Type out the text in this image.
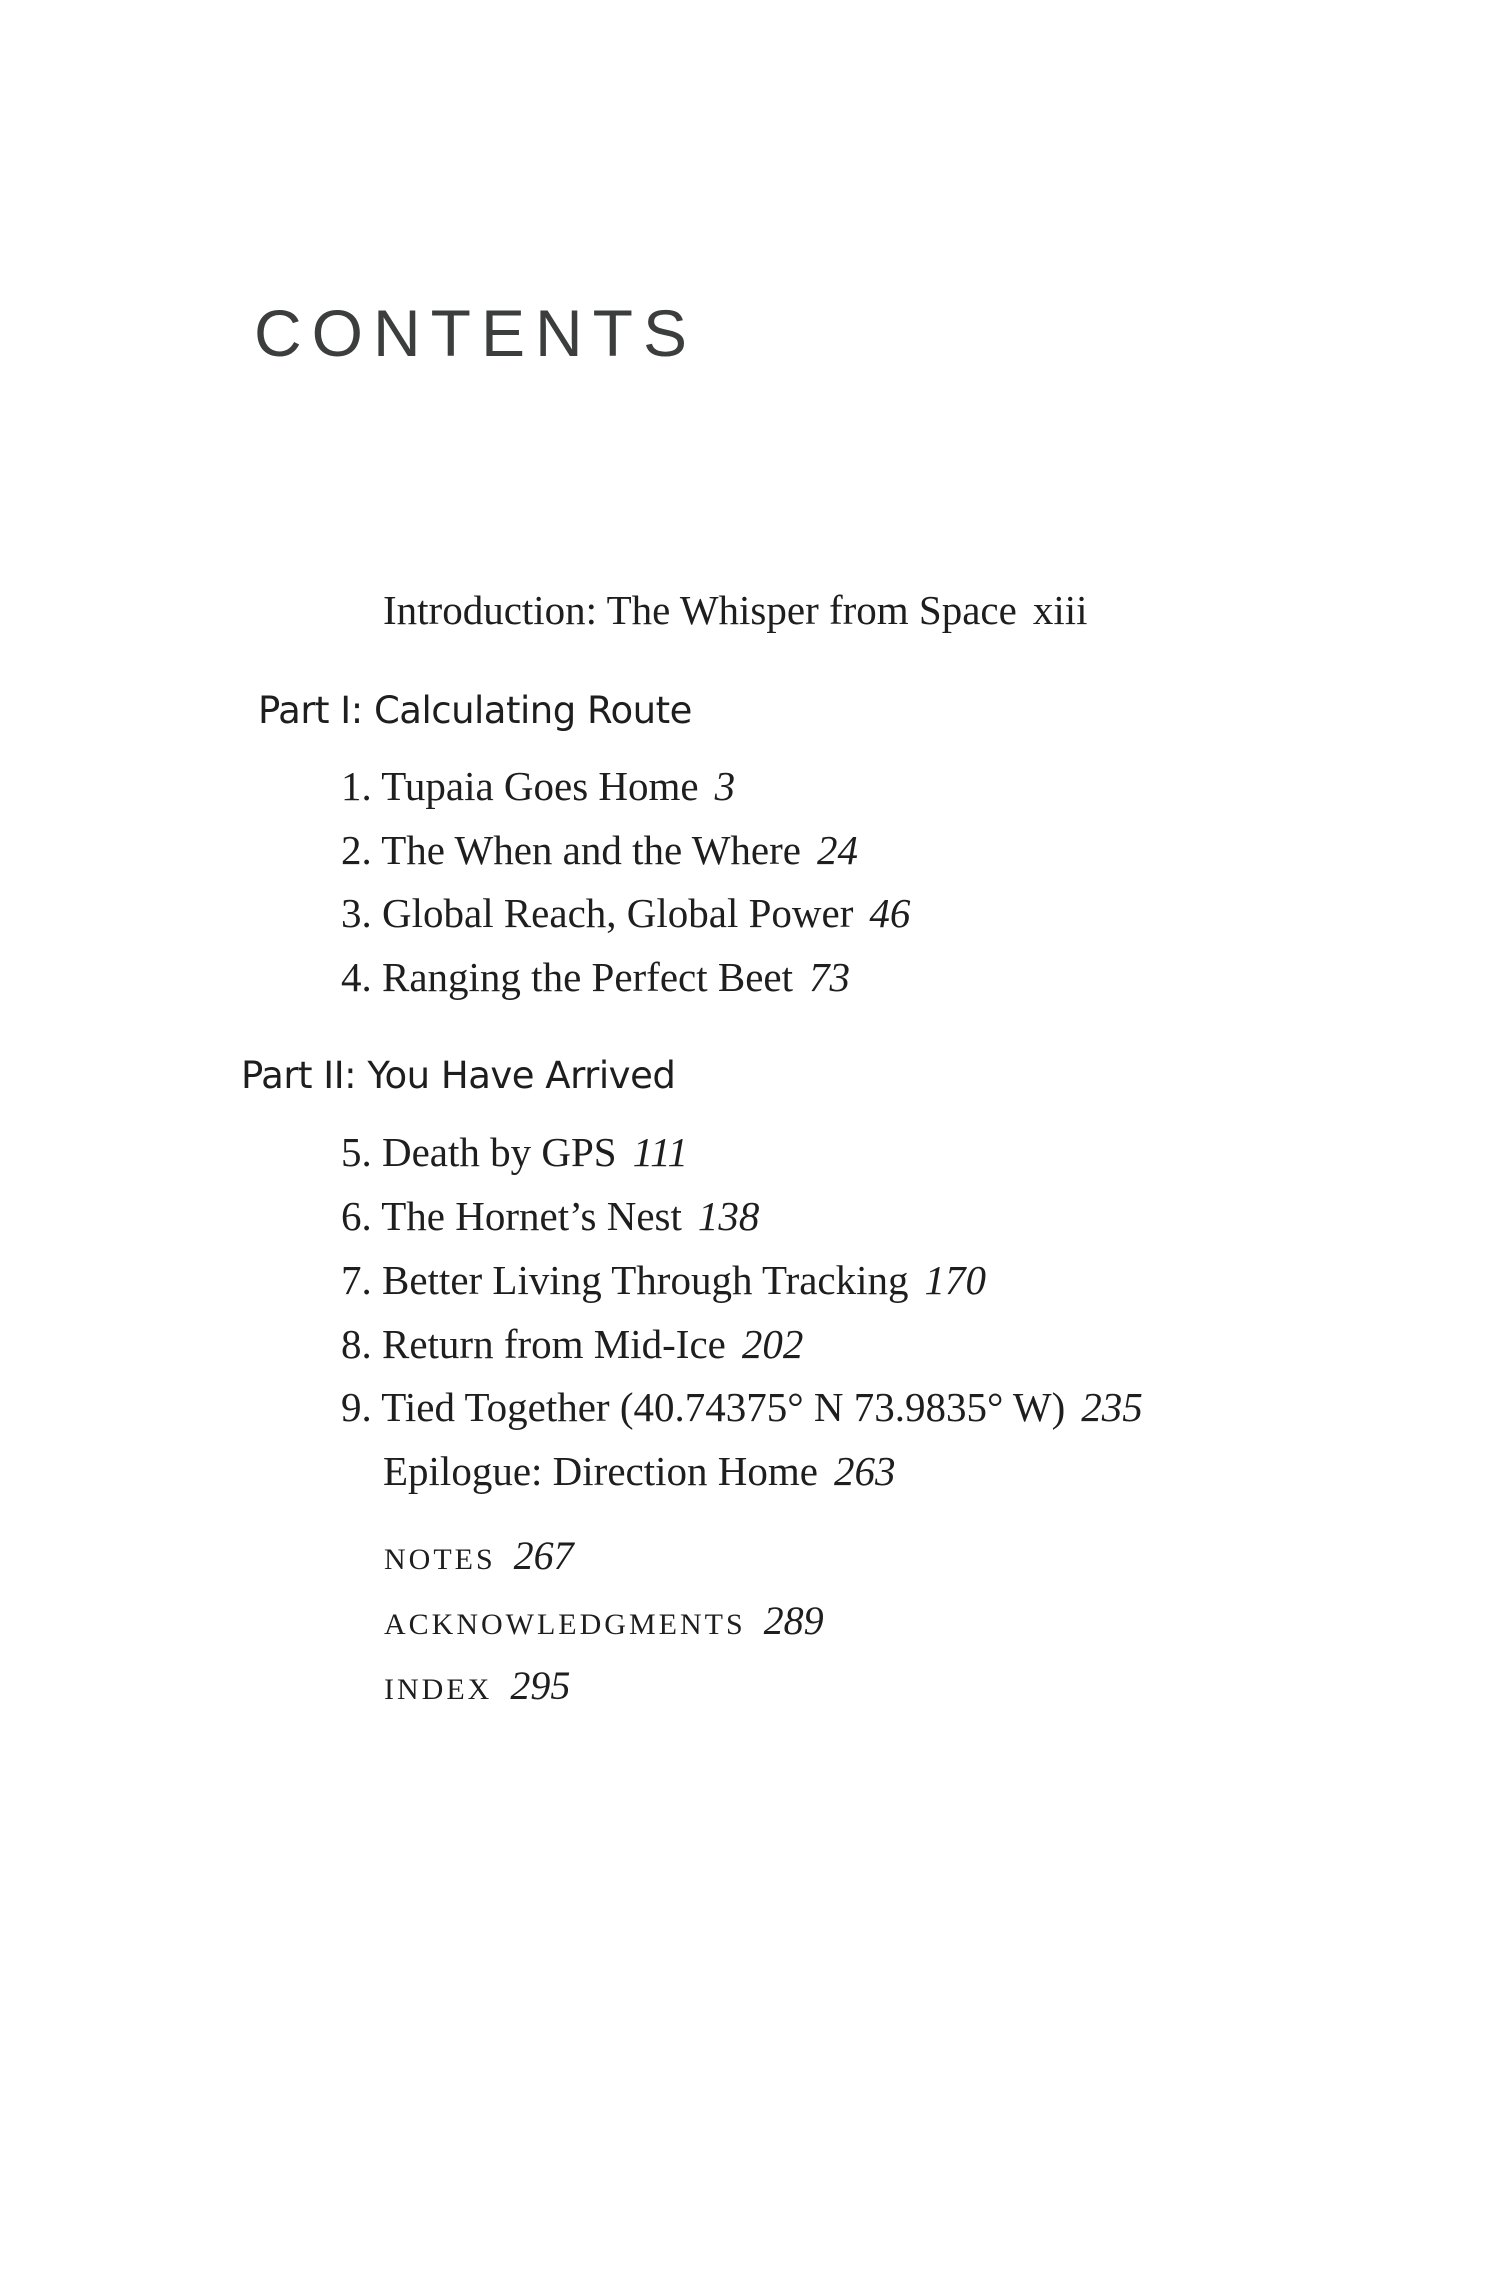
CONTENTS
Introduction: The Whisper from Space xiii
Part I: Calculating Route
1. Tupaia Goes Home 3
2. The When and the Where 24
3. Global Reach, Global Power 46
4. Ranging the Perfect Beet 73
Part II: You Have Arrived
5. Death by GPS 111
6. The Hornet’s Nest 138
7. Better Living Through Tracking 170
8. Return from Mid-Ice 202
9. Tied Together (40.74375° N 73.9835° W) 235
Epilogue: Direction Home 263
NOTES 267
ACKNOWLEDGMENTS 289
INDEX 295
